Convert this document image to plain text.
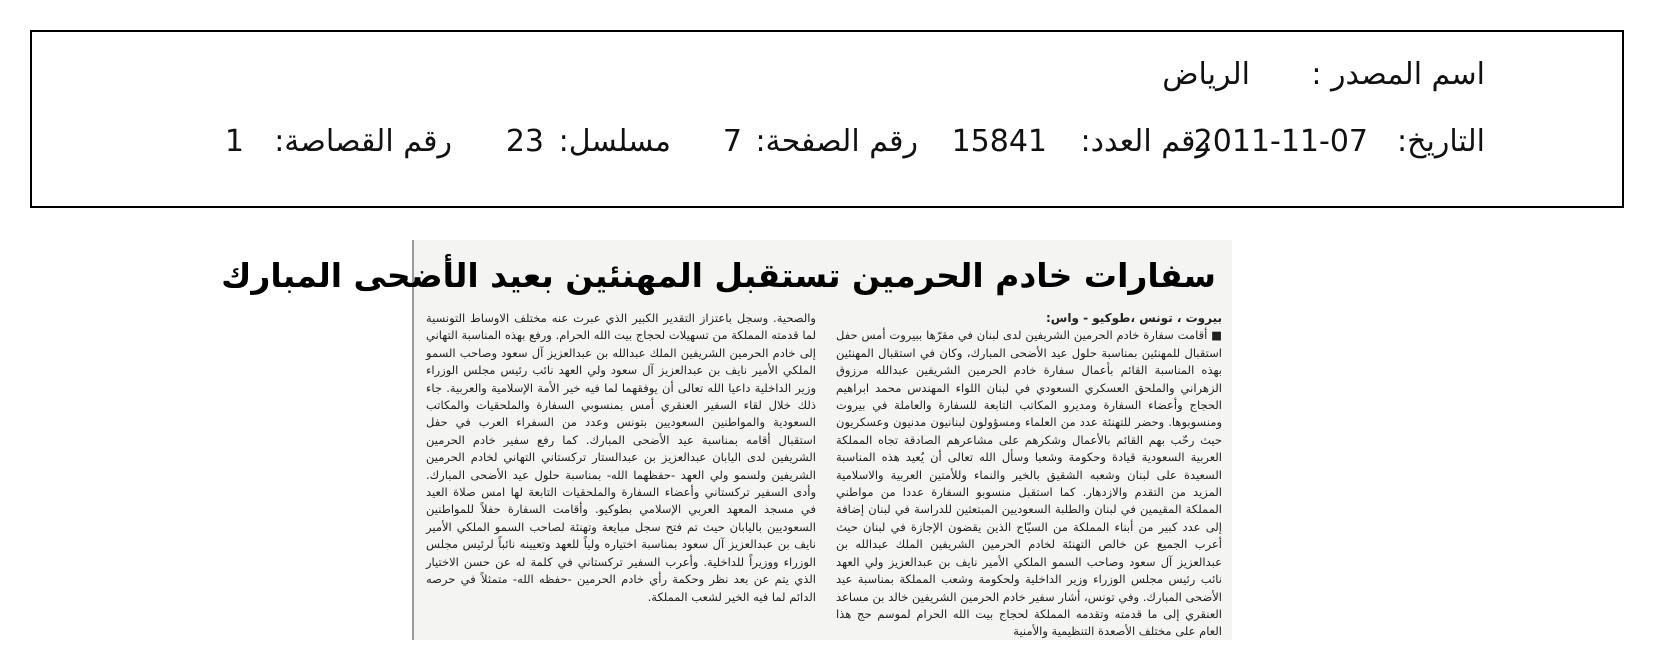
اسم المصدر :
الرياض
التاريخ:
2011-11-07
رقم العدد:
15841
رقم الصفحة:
7
مسلسل:
23
رقم القصاصة:
1
سفارات خادم الحرمين تستقبل المهنئين بعيد الأضحى المبارك
بيروت ، تونس ،طوكيو - واس:
■ أقامت سفارة خادم الحرمين الشريفين لدى لبنان في مقرّها ببيروت أمس حفل استقبال للمهنئين بمناسبة حلول عيد الأضحى المبارك، وكان في استقبال المهنئين بهذه المناسبة القائم بأعمال سفارة خادم الحرمين الشريفين عبدالله مرزوق الزهراني والملحق العسكري السعودي في لبنان اللواء المهندس محمد ابراهيم الحجاج وأعضاء السفارة ومديرو المكاتب التابعة للسفارة والعاملة في بيروت ومنسوبوها. وحضر للتهنئة عدد من العلماء ومسؤولون لبنانيون مدنيون وعسكريون حيث رحّب بهم القائم بالأعمال وشكرهم على مشاعرهم الصادقة تجاه المملكة العربية السعودية قيادة وحكومة وشعبا وسأل الله تعالى أن يُعيد هذه المناسبة السعيدة على لبنان وشعبه الشقيق بالخير والنماء وللأمتين العربية والاسلامية المزيد من التقدم والازدهار. كما استقبل منسوبو السفارة عددا من مواطني المملكة المقيمين في لبنان والطلبة السعوديين المبتعثين للدراسة في لبنان إضافة إلى عدد كبير من أبناء المملكة من السيّاح الذين يقضون الإجازة في لبنان حيث أعرب الجميع عن خالص التهنئة لخادم الحرمين الشريفين الملك عبدالله بن عبدالعزيز آل سعود وصاحب السمو الملكي الأمير نايف بن عبدالعزيز ولي العهد نائب رئيس مجلس الوزراء وزير الداخلية ولحكومة وشعب المملكة بمناسبة عيد الأضحى المبارك. وفي تونس، أشار سفير خادم الحرمين الشريفين خالد بن مساعد العنقري إلى ما قدمته وتقدمه المملكة لحجاج بيت الله الحرام لموسم حج هذا العام على مختلف الأصعدة التنظيمية والأمنية
والصحية. وسجل باعتزاز التقدير الكبير الذي عبرت عنه مختلف الاوساط التونسية لما قدمته المملكة من تسهيلات لحجاج بيت الله الحرام. ورفع بهذه المناسبة التهاني إلى خادم الحرمين الشريفين الملك عبدالله بن عبدالعزيز آل سعود وصاحب السمو الملكي الأمير نايف بن عبدالعزيز آل سعود ولي العهد نائب رئيس مجلس الوزراء وزير الداخلية داعيا الله تعالى أن يوفقهما لما فيه خير الأمة الإسلامية والعربية. جاء ذلك خلال لقاء السفير العنقري أمس بمنسوبي السفارة والملحقيات والمكاتب السعودية والمواطنين السعوديين بتونس وعدد من السفراء العرب في حفل استقبال أقامه بمناسبة عيد الأضحى المبارك. كما رفع سفير خادم الحرمين الشريفين لدى اليابان عبدالعزيز بن عبدالستار تركستاني التهاني لخادم الحرمين الشريفين ولسمو ولي العهد -حفظهما الله- بمناسبة حلول عيد الأضحى المبارك. وأدى السفير تركستاني وأعضاء السفارة والملحقيات التابعة لها امس صلاة العيد في مسجد المعهد العربي الإسلامي بطوكيو. وأقامت السفارة حفلاً للمواطنين السعوديين باليابان حيث تم فتح سجل مبايعة وتهنئة لصاحب السمو الملكي الأمير نايف بن عبدالعزيز آل سعود بمناسبة اختياره ولياً للعهد وتعيينه نائباً لرئيس مجلس الوزراء ووزيراً للداخلية. وأعرب السفير تركستاني في كلمة له عن حسن الاختيار الذي يتم عن بعد نظر وحكمة رأي خادم الحرمين -حفظه الله- متمثلاً في حرصه الدائم لما فيه الخير لشعب المملكة.
